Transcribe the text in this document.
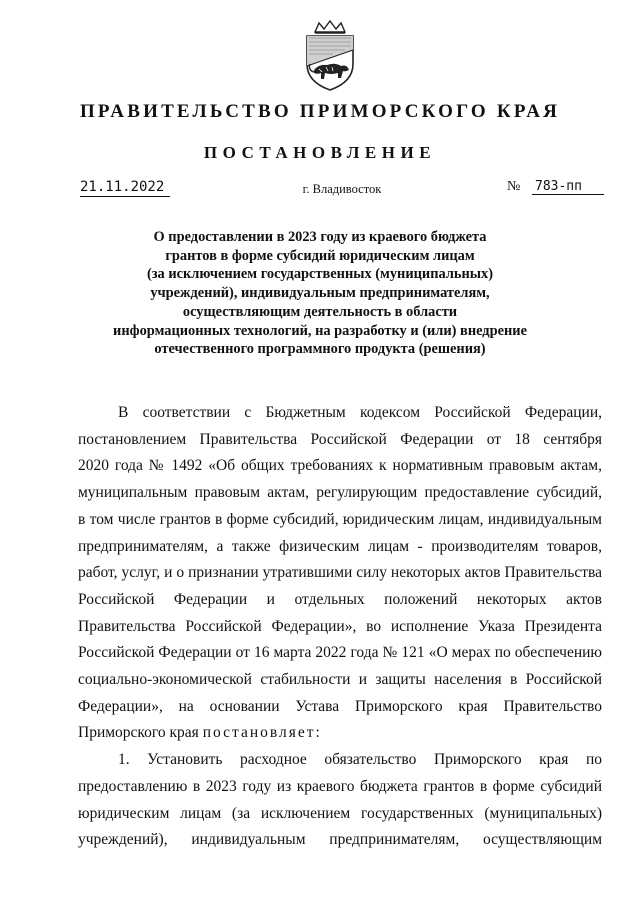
ПРАВИТЕЛЬСТВО ПРИМОРСКОГО КРАЯ
ПОСТАНОВЛЕНИЕ
21.11.2022	г. Владивосток	№ 783-пп

О предоставлении в 2023 году из краевого бюджета
грантов в форме субсидий юридическим лицам
(за исключением государственных (муниципальных)
учреждений), индивидуальным предпринимателям,
осуществляющим деятельность в области
информационных технологий, на разработку и (или) внедрение
отечественного программного продукта (решения)

В соответствии с Бюджетным кодексом Российской Федерации,
постановлением Правительства Российской Федерации от 18 сентября
2020 года № 1492 «Об общих требованиях к нормативным правовым актам,
муниципальным правовым актам, регулирующим предоставление субсидий,
в том числе грантов в форме субсидий, юридическим лицам, индивидуальным
предпринимателям, а также физическим лицам - производителям товаров,
работ, услуг, и о признании утратившими силу некоторых актов Правительства
Российской Федерации и отдельных положений некоторых актов
Правительства Российской Федерации», во исполнение Указа Президента
Российской Федерации от 16 марта 2022 года № 121 «О мерах по обеспечению
социально-экономической стабильности и защиты населения в Российской
Федерации», на основании Устава Приморского края Правительство
Приморского края постановляет:
1. Установить расходное обязательство Приморского края по
предоставлению в 2023 году из краевого бюджета грантов в форме субсидий
юридическим лицам (за исключением государственных (муниципальных)
учреждений), индивидуальным предпринимателям, осуществляющим
